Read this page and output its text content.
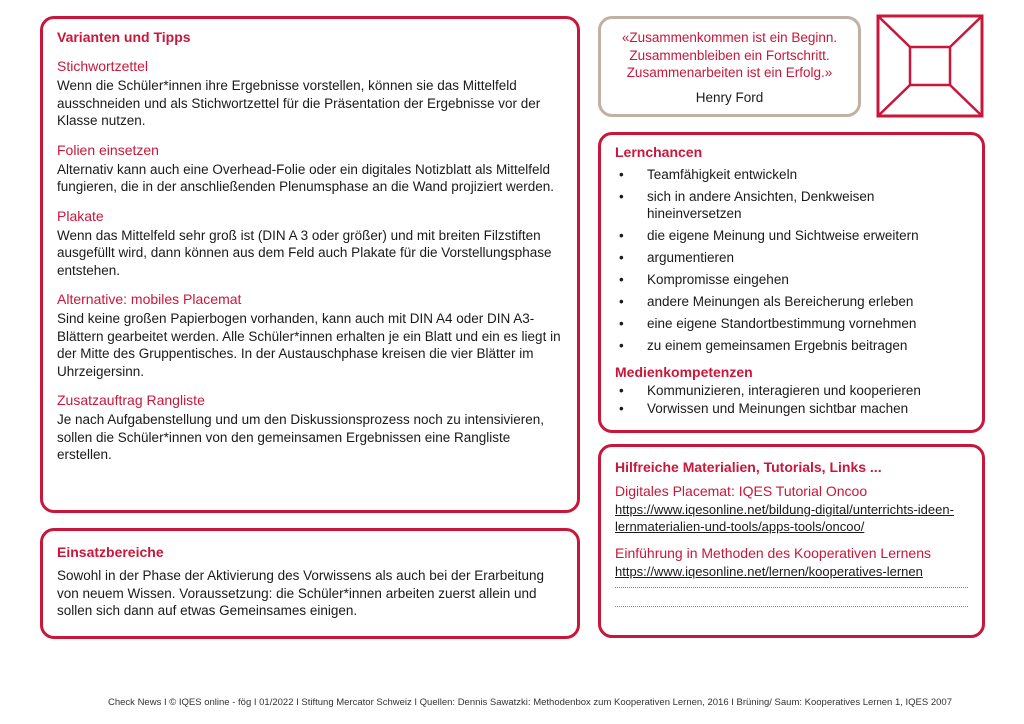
Varianten und Tipps
Stichwortzettel

Wenn die Schüler*innen ihre Ergebnisse vorstellen, können sie das Mittelfeld ausschneiden und als Stichwortzettel für die Präsentation der Ergebnisse vor der Klasse nutzen.

Folien einsetzen

Alternativ kann auch eine Overhead-Folie oder ein digitales Notizblatt als Mittelfeld fungieren, die in der anschließenden Plenumsphase an die Wand projiziert werden.

Plakate

Wenn das Mittelfeld sehr groß ist (DIN A 3 oder größer) und mit breiten Filzstiften ausgefüllt wird, dann können aus dem Feld auch Plakate für die Vorstellungsphase entstehen.

Alternative: mobiles Placemat

Sind keine großen Papierbogen vorhanden, kann auch mit DIN A4 oder DIN A3-Blättern gearbeitet werden. Alle Schüler*innen erhalten je ein Blatt und ein es liegt in der Mitte des Gruppentisches. In der Austauschphase kreisen die vier Blätter im Uhrzeigersinn.

Zusatzauftrag Rangliste

Je nach Aufgabenstellung und um den Diskussionsprozess noch zu intensivieren, sollen die Schüler*innen von den gemeinsamen Ergebnissen eine Rangliste erstellen.

Einsatzbereiche

Sowohl in der Phase der Aktivierung des Vorwissens als auch bei der Erarbeitung von neuem Wissen. Voraussetzung: die Schüler*innen arbeiten zuerst allein und sollen sich dann auf etwas Gemeinsames einigen.

«Zusammenkommen ist ein Beginn.

Zusammenbleiben ein Fortschritt.

Zusammenarbeiten ist ein Erfolg.»

Henry Ford
Lernchancen
• Teamfähigkeit entwickeln
• sich in andere Ansichten, Denkweisen hineinversetzen
• die eigene Meinung und Sichtweise erweitern
• argumentieren
• Kompromisse eingehen
• andere Meinungen als Bereicherung erleben
• eine eigene Standortbestimmung vornehmen
• zu einem gemeinsamen Ergebnis beitragen
Medienkompetenzen
• Kommunizieren, interagieren und kooperieren
• Vorwissen und Meinungen sichtbar machen
Hilfreiche Materialien, Tutorials, Links ...
Digitales Placemat: IQES Tutorial Oncoo

https://www.iqesonline.net/bildung-digital/unterrichts-ideen-lernmaterialien-und-tools/apps-tools/oncoo/

Einführung in Methoden des Kooperativen Lernens

https://www.iqesonline.net/lernen/kooperatives-lernen

Check News I © IQES online - fög I 01/2022 I Stiftung Mercator Schweiz I Quellen: Dennis Sawatzki: Methodenbox zum Kooperativen Lernen, 2016 I Brüning/ Saum: Kooperatives Lernen 1, IQES 2007
